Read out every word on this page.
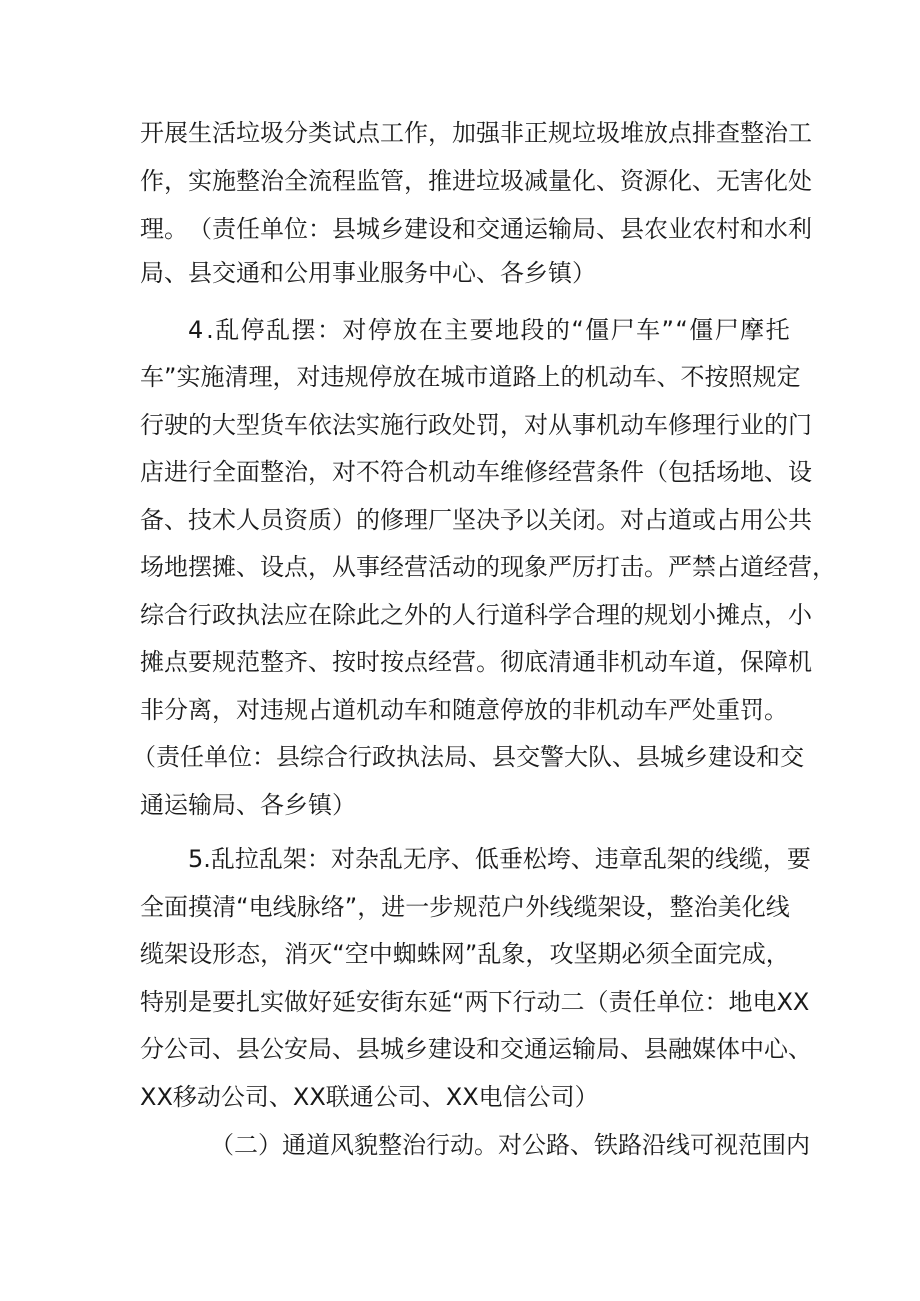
开 展 生 活 垃 圾 分 类 试 点 工 作 ， 加 强 非 正 规 垃 圾 堆 放 点 排 查 整 治 工
作 ， 实 施 整 治 全 流 程 监 管 ， 推 进 垃 圾 减 量 化 、 资 源 化 、 无 害 化 处
理 。 （ 责 任 单 位 ： 县 城 乡 建 设 和 交 通 运 输 局 、 县 农 业 农 村 和 水 利
局、县交通和公用事业服务中心、各乡镇）
4 . 乱 停 乱 摆 ： 对 停 放 在 主 要 地 段 的 “ 僵 尸 车 ” “ 僵 尸 摩 托
车 ” 实 施 清 理 ， 对 违 规 停 放 在 城 市 道 路 上 的 机 动 车 、 不 按 照 规 定
行 驶 的 大 型 货 车 依 法 实 施 行 政 处 罚 ， 对 从 事 机 动 车 修 理 行 业 的 门
店 进 行 全 面 整 治 ， 对 不 符 合 机 动 车 维 修 经 营 条 件 （ 包 括 场 地 、 设
备 、 技 术 人 员 资 质 ） 的 修 理 厂 坚 决 予 以 关 闭 。 对 占 道 或 占 用 公 共
场 地 摆 摊 、 设 点 ， 从 事 经 营 活 动 的 现 象 严 厉 打 击 。 严 禁 占 道 经 营 ，
综 合 行 政 执 法 应 在 除 此 之 外 的 人 行 道 科 学 合 理 的 规 划 小 摊 点 ， 小
摊 点 要 规 范 整 齐 、 按 时 按 点 经 营 。 彻 底 清 通 非 机 动 车 道 ， 保 障 机
非分离，对违规占道机动车和随意停放的非机动车严处重罚。
（ 责 任 单 位 ： 县 综 合 行 政 执 法 局 、 县 交 警 大 队 、 县 城 乡 建 设 和 交
通运输局、各乡镇）
5 . 乱 拉 乱 架 ： 对 杂 乱 无 序 、 低 垂 松 垮 、 违 章 乱 架 的 线 缆 ， 要
全 面 摸 清 “ 电 线 脉 络 ” ， 进 一 步 规 范 户 外 线 缆 架 设 ， 整 治 美 化 线
缆 架 设 形 态 ， 消 灭 “ 空 中 蜘 蛛 网 ” 乱 象 ， 攻 坚 期 必 须 全 面 完 成 ，
特 别 是 要 扎 实 做 好 延 安 街 东 延 “ 两 下 行 动 二 （ 责 任 单 位 ： 地 电 XX
分 公 司 、 县 公 安 局 、 县 城 乡 建 设 和 交 通 运 输 局 、 县 融 媒 体 中 心 、
XX移动公司、XX联通公司、XX电信公司）
（ 二 ） 通 道 风 貌 整 治 行 动 。 对 公 路 、 铁 路 沿 线 可 视 范 围 内
